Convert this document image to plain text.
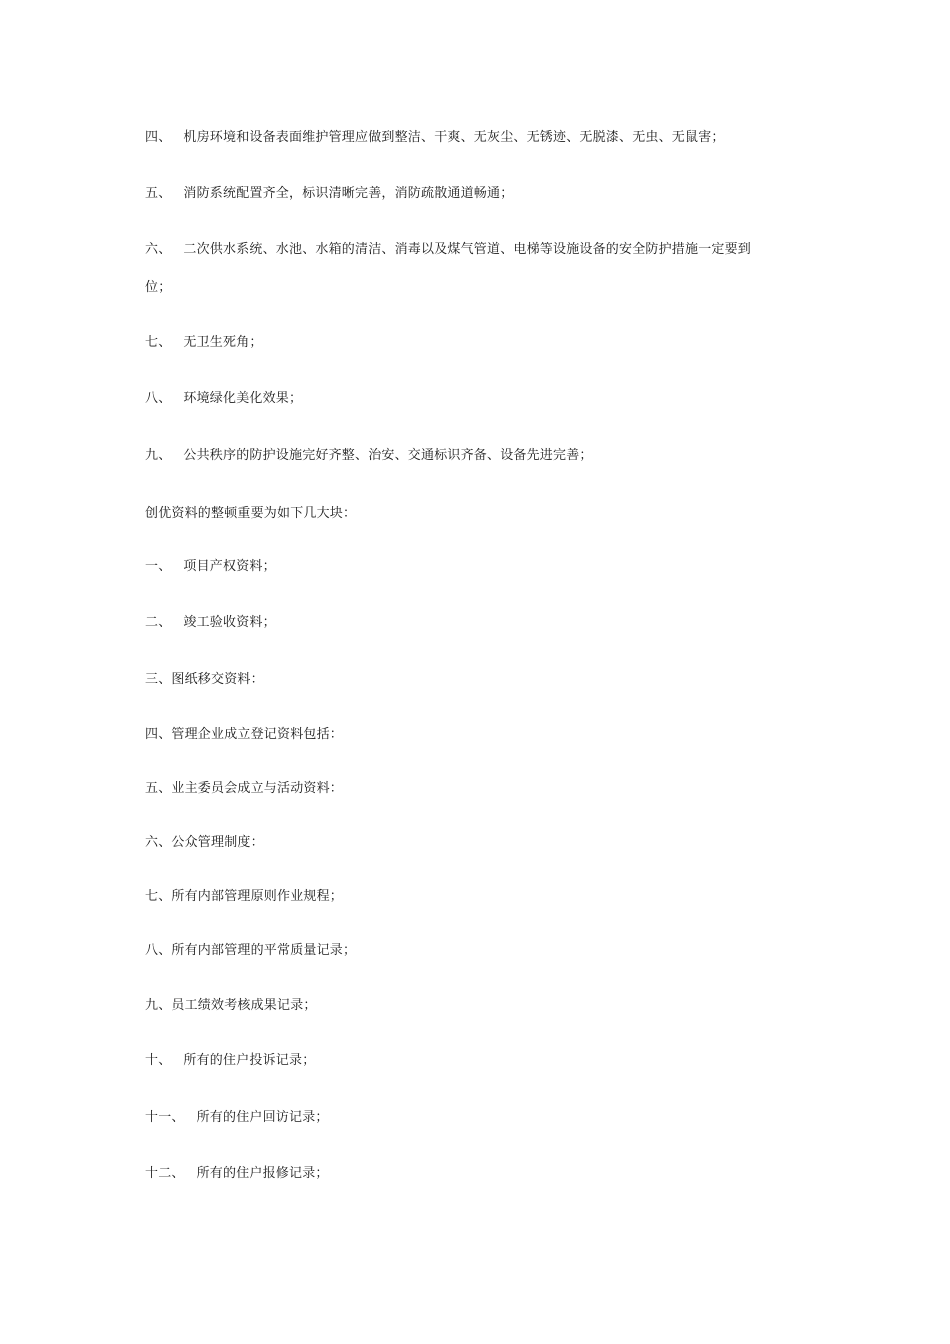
四、 机房环境和设备表面维护管理应做到整洁、干爽、无灰尘、无锈迹、无脱漆、无虫、无鼠害；
五、 消防系统配置齐全，标识清晰完善，消防疏散通道畅通；
六、 二次供水系统、水池、水箱的清洁、消毒以及煤气管道、电梯等设施设备的安全防护措施一定要到
位；
七、 无卫生死角；
八、 环境绿化美化效果；
九、 公共秩序的防护设施完好齐整、治安、交通标识齐备、设备先进完善；
创优资料的整顿重要为如下几大块：
一、 项目产权资料；
二、 竣工验收资料；
三、图纸移交资料：
四、管理企业成立登记资料包括：
五、业主委员会成立与活动资料：
六、公众管理制度：
七、所有内部管理原则作业规程；
八、所有内部管理的平常质量记录；
九、员工绩效考核成果记录；
十、 所有的住户投诉记录；
十一、 所有的住户回访记录；
十二、 所有的住户报修记录；
